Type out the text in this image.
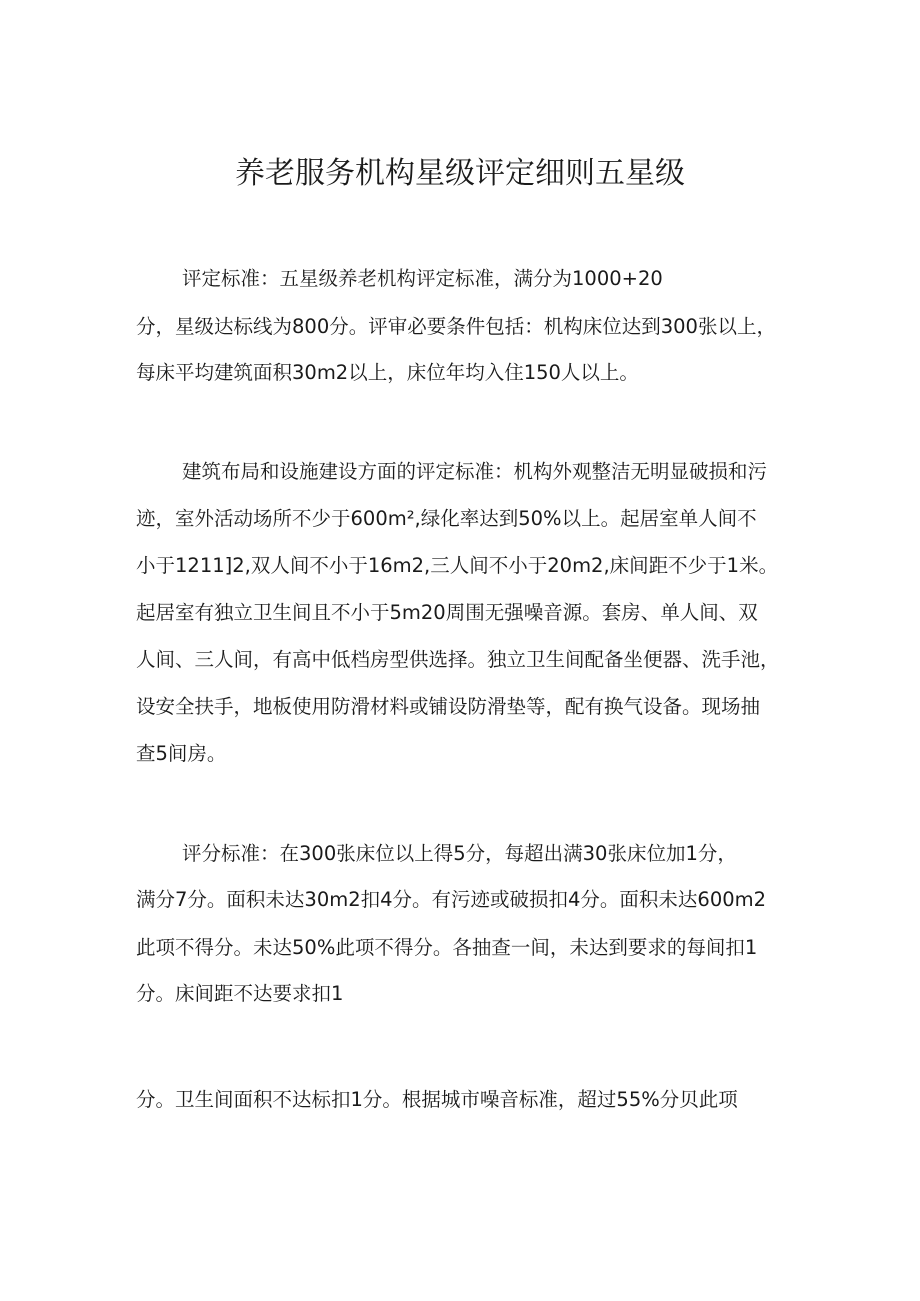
养老服务机构星级评定细则五星级

评定标准：五星级养老机构评定标准，满分为1000+20

分，星级达标线为800分。评审必要条件包括：机构床位达到300张以上，

每床平均建筑面积30m2以上，床位年均入住150人以上。

建筑布局和设施建设方面的评定标准：机构外观整洁无明显破损和污

迹，室外活动场所不少于600m²,绿化率达到50%以上。起居室单人间不

小于1211]2,双人间不小于16m2,三人间不小于20m2,床间距不少于1米。

起居室有独立卫生间且不小于5m20周围无强噪音源。套房、单人间、双

人间、三人间，有高中低档房型供选择。独立卫生间配备坐便器、洗手池，

设安全扶手，地板使用防滑材料或铺设防滑垫等，配有换气设备。现场抽

查5间房。

评分标准：在300张床位以上得5分，每超出满30张床位加1分，

满分7分。面积未达30m2扣4分。有污迹或破损扣4分。面积未达600m2

此项不得分。未达50%此项不得分。各抽查一间，未达到要求的每间扣1

分。床间距不达要求扣1

分。卫生间面积不达标扣1分。根据城市噪音标准，超过55%分贝此项
